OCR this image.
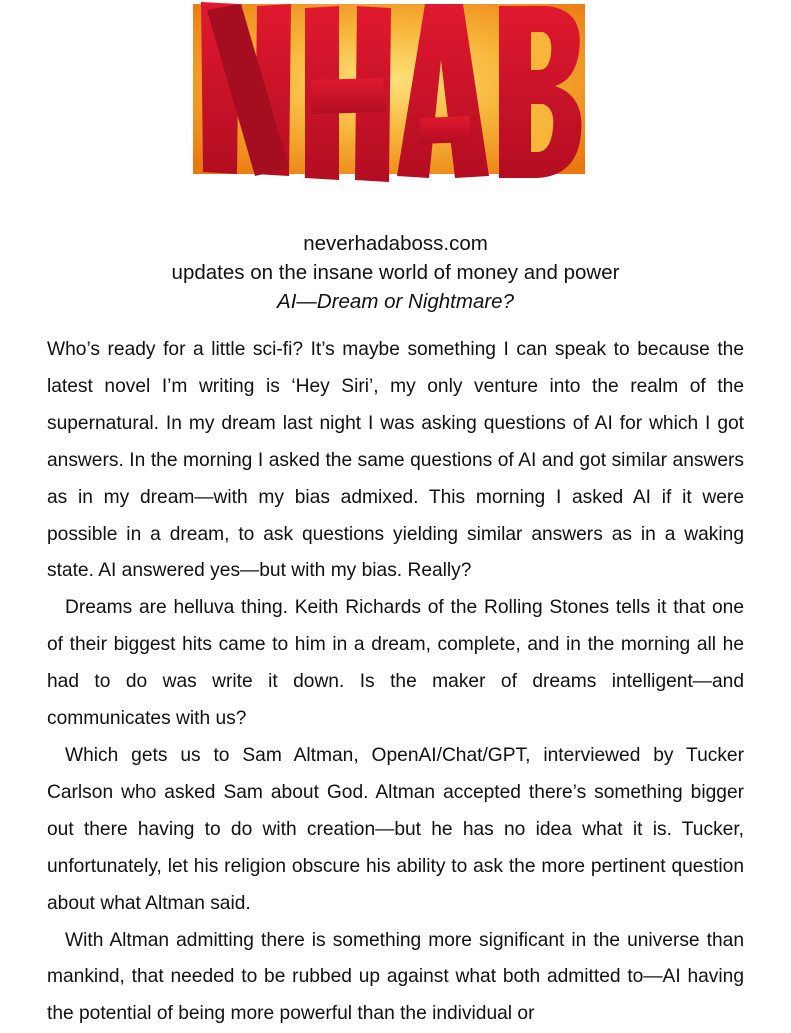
neverhadaboss.com
updates on the insane world of money and power
AI—Dream or Nightmare?

Who’s ready for a little sci-fi? It’s maybe something I can speak to because the latest novel I’m writing is ‘Hey Siri’, my only venture into the realm of the supernatural. In my dream last night I was asking questions of AI for which I got answers. In the morning I asked the same questions of AI and got similar answers as in my dream—with my bias admixed. This morning I asked AI if it were possible in a dream, to ask questions yielding similar answers as in a waking state. AI answered yes—but with my bias. Really?

Dreams are helluva thing. Keith Richards of the Rolling Stones tells it that one of their biggest hits came to him in a dream, complete, and in the morning all he had to do was write it down. Is the maker of dreams intelligent—and communicates with us?

Which gets us to Sam Altman, OpenAI/Chat/GPT, interviewed by Tucker Carlson who asked Sam about God. Altman accepted there’s something bigger out there having to do with creation—but he has no idea what it is. Tucker, unfortunately, let his religion obscure his ability to ask the more pertinent question about what Altman said.

With Altman admitting there is something more significant in the universe than mankind, that needed to be rubbed up against what both admitted to—AI having the potential of being more powerful than the individual or
